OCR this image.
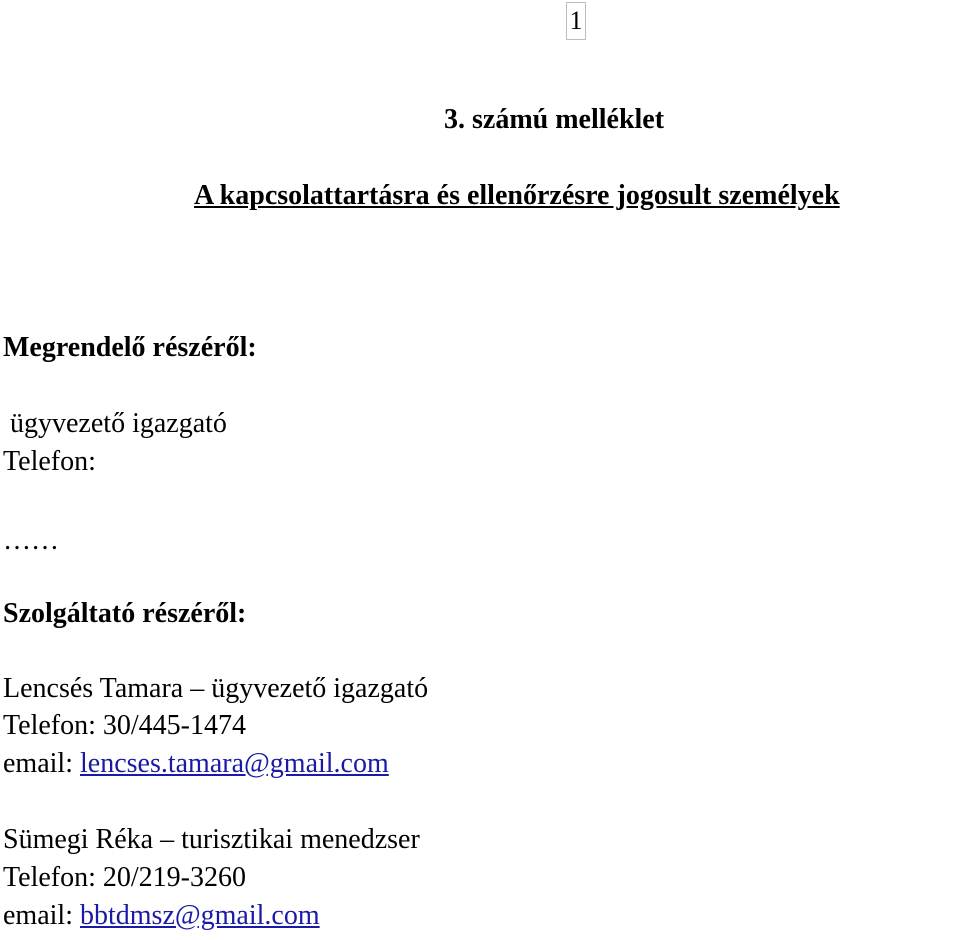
1
3. számú melléklet
A kapcsolattartásra és ellenőrzésre jogosult személyek
Megrendelő részéről:
ügyvezető igazgató
Telefon:
……
Szolgáltató részéről:
Lencsés Tamara – ügyvezető igazgató
Telefon: 30/445-1474
email: lencses.tamara@gmail.com
Sümegi Réka – turisztikai menedzser
Telefon: 20/219-3260
email: bbtdmsz@gmail.com
